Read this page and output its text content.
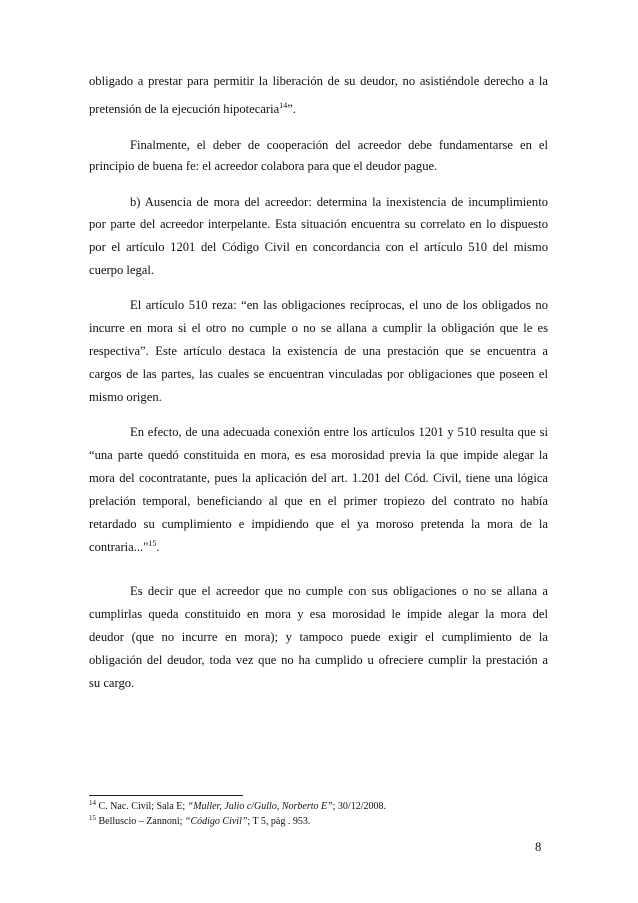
obligado a prestar para permitir la liberación de su deudor, no asistiéndole derecho a la
pretensión de la ejecución hipotecaria$^{14}$”.
Finalmente, el deber de cooperación del acreedor debe fundamentarse en el
principio de buena fe: el acreedor colabora para que el deudor pague.
b) Ausencia de mora del acreedor: determina la inexistencia de incumplimiento
por parte del acreedor interpelante. Esta situación encuentra su correlato en lo dispuesto
por el artículo 1201 del Código Civil en concordancia con el artículo 510 del mismo
cuerpo legal.
El artículo 510 reza: “en las obligaciones recíprocas, el uno de los obligados no
incurre en mora si el otro no cumple o no se allana a cumplir la obligación que le es
respectiva”. Este artículo destaca la existencia de una prestación que se encuentra a
cargos de las partes, las cuales se encuentran vinculadas por obligaciones que poseen el
mismo origen.
En efecto, de una adecuada conexión entre los artículos 1201 y 510 resulta que si
“una parte quedó constituida en mora, es esa morosidad previa la que impide alegar la
mora del cocontratante, pues la aplicación del art. 1.201 del Cód. Civil, tiene una lógica
prelación temporal, beneficiando al que en el primer tropiezo del contrato no había
retardado su cumplimiento e impidiendo que el ya moroso pretenda la mora de la
contraria..."$^{15}$.
Es decir que el acreedor que no cumple con sus obligaciones o no se allana a
cumplirlas queda constituido en mora y esa morosidad le impide alegar la mora del
deudor (que no incurre en mora); y tampoco puede exigir el cumplimiento de la
obligación del deudor, toda vez que no ha cumplido u ofreciere cumplir la prestación a
su cargo.
$^{14}$ C. Nac. Civil; Sala E; “Muller, Julio c/Gullo, Norberto E”; 30/12/2008.
$^{15}$ Belluscio – Zannoni; “Código Civil”; T 5, pág . 953.
8
